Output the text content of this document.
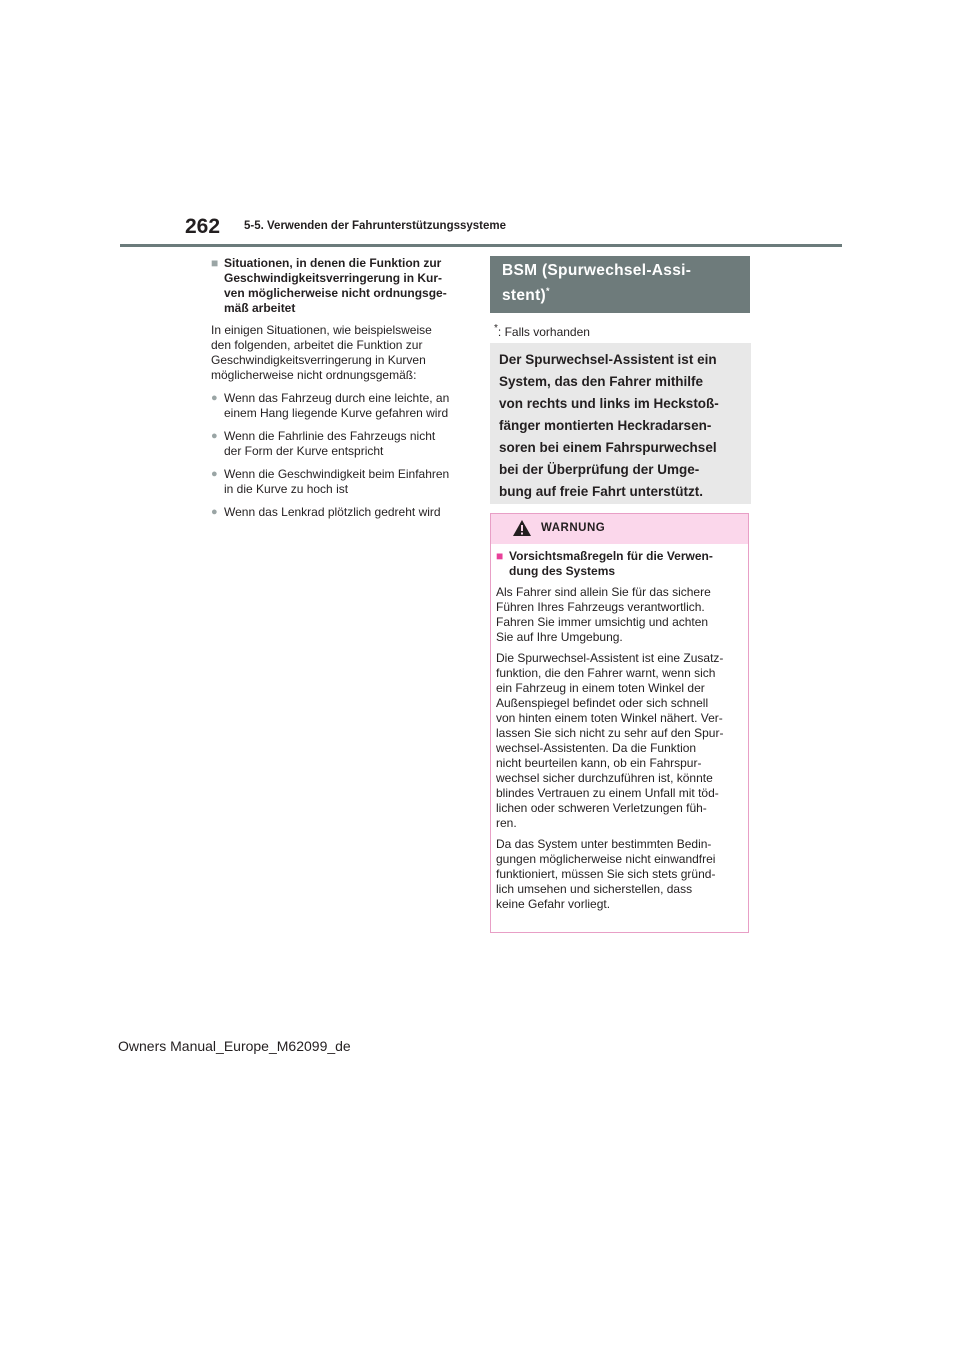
262 5-5. Verwenden der Fahrunterstützungssysteme
■ Situationen, in denen die Funktion zur
Geschwindigkeitsverringerung in Kur-
ven möglicherweise nicht ordnungsge-
mäß arbeitet
In einigen Situationen, wie beispielsweise
den folgenden, arbeitet die Funktion zur
Geschwindigkeitsverringerung in Kurven
möglicherweise nicht ordnungsgemäß:
● Wenn das Fahrzeug durch eine leichte, an
einem Hang liegende Kurve gefahren wird
● Wenn die Fahrlinie des Fahrzeugs nicht
der Form der Kurve entspricht
● Wenn die Geschwindigkeit beim Einfahren
in die Kurve zu hoch ist
● Wenn das Lenkrad plötzlich gedreht wird
BSM (Spurwechsel-Assi-
stent)*
*: Falls vorhanden
Der Spurwechsel-Assistent ist ein
System, das den Fahrer mithilfe
von rechts und links im Heckstoß-
fänger montierten Heckradarsen-
soren bei einem Fahrspurwechsel
bei der Überprüfung der Umge-
bung auf freie Fahrt unterstützt.
WARNUNG
■ Vorsichtsmaßregeln für die Verwen-
dung des Systems
Als Fahrer sind allein Sie für das sichere
Führen Ihres Fahrzeugs verantwortlich.
Fahren Sie immer umsichtig und achten
Sie auf Ihre Umgebung.
Die Spurwechsel-Assistent ist eine Zusatz-
funktion, die den Fahrer warnt, wenn sich
ein Fahrzeug in einem toten Winkel der
Außenspiegel befindet oder sich schnell
von hinten einem toten Winkel nähert. Ver-
lassen Sie sich nicht zu sehr auf den Spur-
wechsel-Assistenten. Da die Funktion
nicht beurteilen kann, ob ein Fahrspur-
wechsel sicher durchzuführen ist, könnte
blindes Vertrauen zu einem Unfall mit töd-
lichen oder schweren Verletzungen füh-
ren.
Da das System unter bestimmten Bedin-
gungen möglicherweise nicht einwandfrei
funktioniert, müssen Sie sich stets gründ-
lich umsehen und sicherstellen, dass
keine Gefahr vorliegt.
Owners Manual_Europe_M62099_de
